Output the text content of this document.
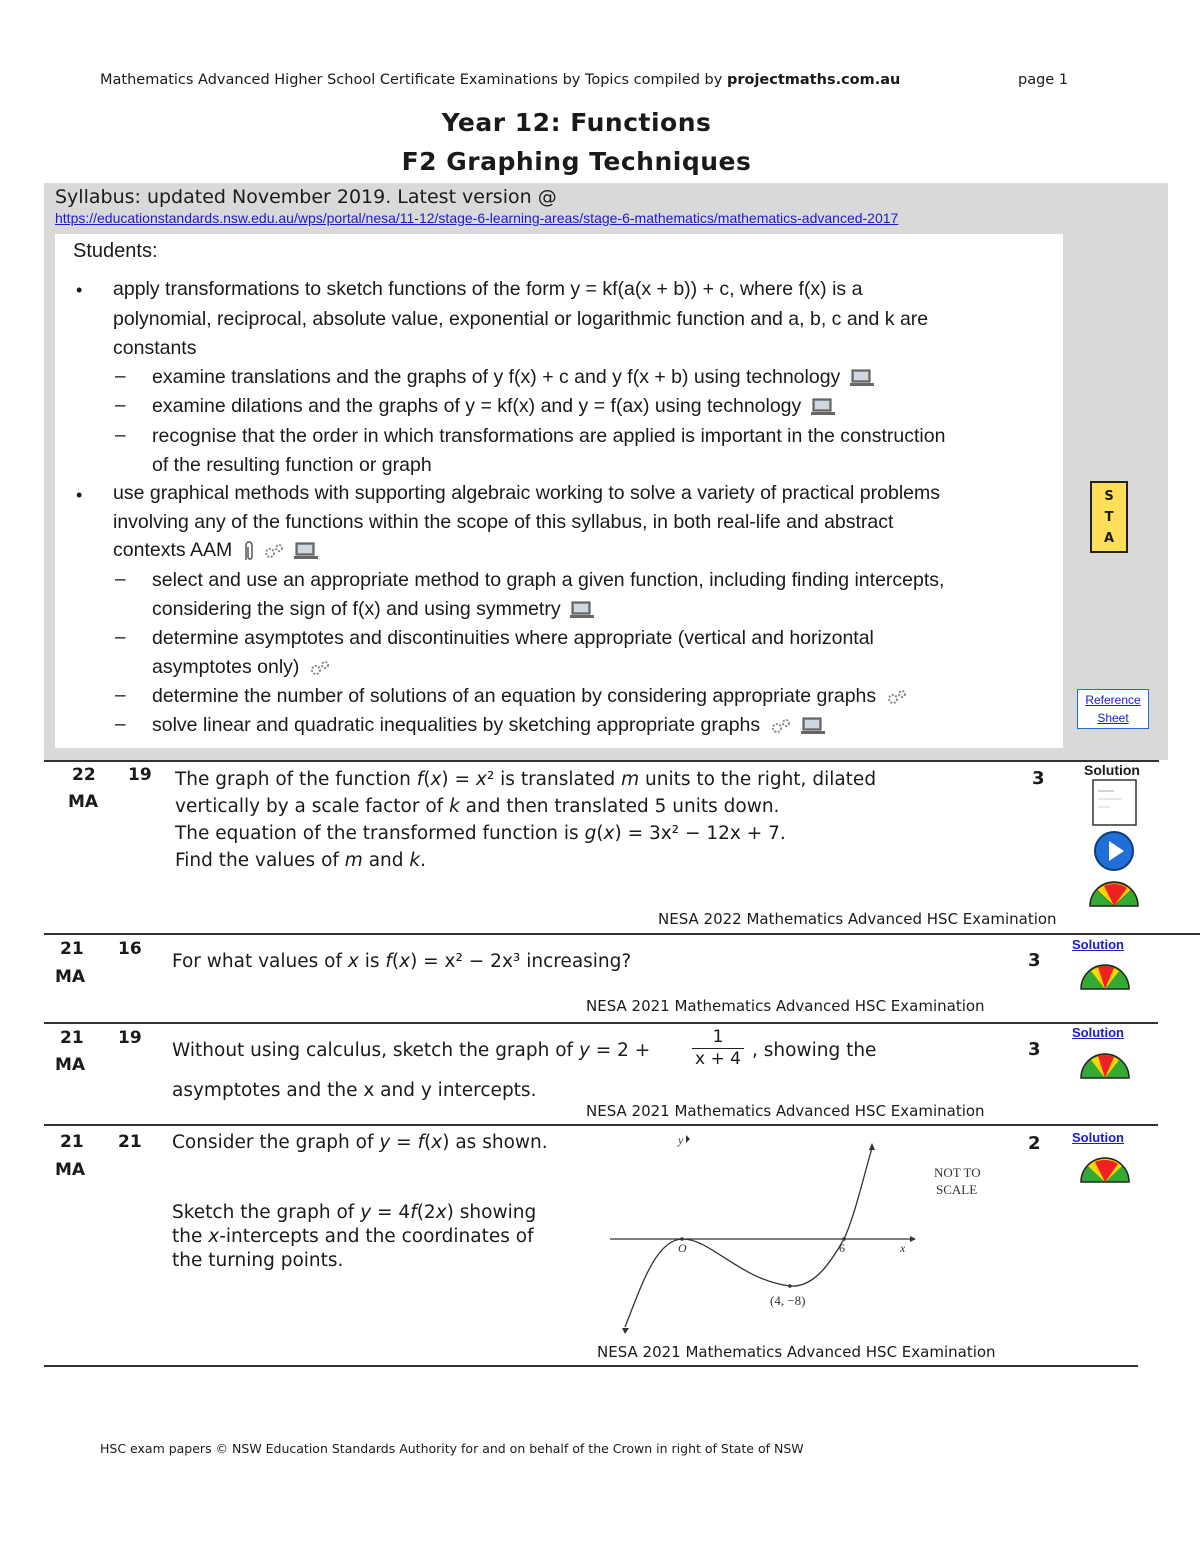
Mathematics Advanced Higher School Certificate Examinations by Topics compiled by projectmaths.com.au	page 1
Year 12: Functions
F2 Graphing Techniques
Syllabus: updated November 2019. Latest version @
https://educationstandards.nsw.edu.au/wps/portal/nesa/11-12/stage-6-learning-areas/stage-6-mathematics/mathematics-advanced-2017
Students:
• apply transformations to sketch functions of the form y = kf(a(x + b)) + c, where f(x) is a
polynomial, reciprocal, absolute value, exponential or logarithmic function and a, b, c and k are
constants
– examine translations and the graphs of y f(x) + c and y f(x + b) using technology
– examine dilations and the graphs of y = kf(x) and y = f(ax) using technology
– recognise that the order in which transformations are applied is important in the construction
of the resulting function or graph
• use graphical methods with supporting algebraic working to solve a variety of practical problems
involving any of the functions within the scope of this syllabus, in both real-life and abstract
contexts AAM
– select and use an appropriate method to graph a given function, including finding intercepts,
considering the sign of f(x) and using symmetry
– determine asymptotes and discontinuities where appropriate (vertical and horizontal
asymptotes only)
– determine the number of solutions of an equation by considering appropriate graphs
– solve linear and quadratic inequalities by sketching appropriate graphs
S
T
A
Reference
Sheet
22
MA
19 The graph of the function f(x) = x² is translated m units to the right, dilated
vertically by a scale factor of k and then translated 5 units down.
The equation of the transformed function is g(x) = 3x² − 12x + 7.
Find the values of m and k.
3	Solution
NESA 2022 Mathematics Advanced HSC Examination
21
MA
16
For what values of x is f(x) = x² − 2x³ increasing?	3
Solution
NESA 2021 Mathematics Advanced HSC Examination
21
MA
19
Without using calculus, sketch the graph of $y = 2 + \frac{1}{x + 4}$ , showing the
asymptotes and the x and y intercepts.
3
Solution
NESA 2021 Mathematics Advanced HSC Examination
21
MA
21 Consider the graph of y = f(x) as shown.
Sketch the graph of y = 4f(2x) showing
the x-intercepts and the coordinates of
the turning points.
2 Solution
y
x
O	6
(4, −8)
NOT TO
SCALE
NESA 2021 Mathematics Advanced HSC Examination
HSC exam papers © NSW Education Standards Authority for and on behalf of the Crown in right of State of NSW
